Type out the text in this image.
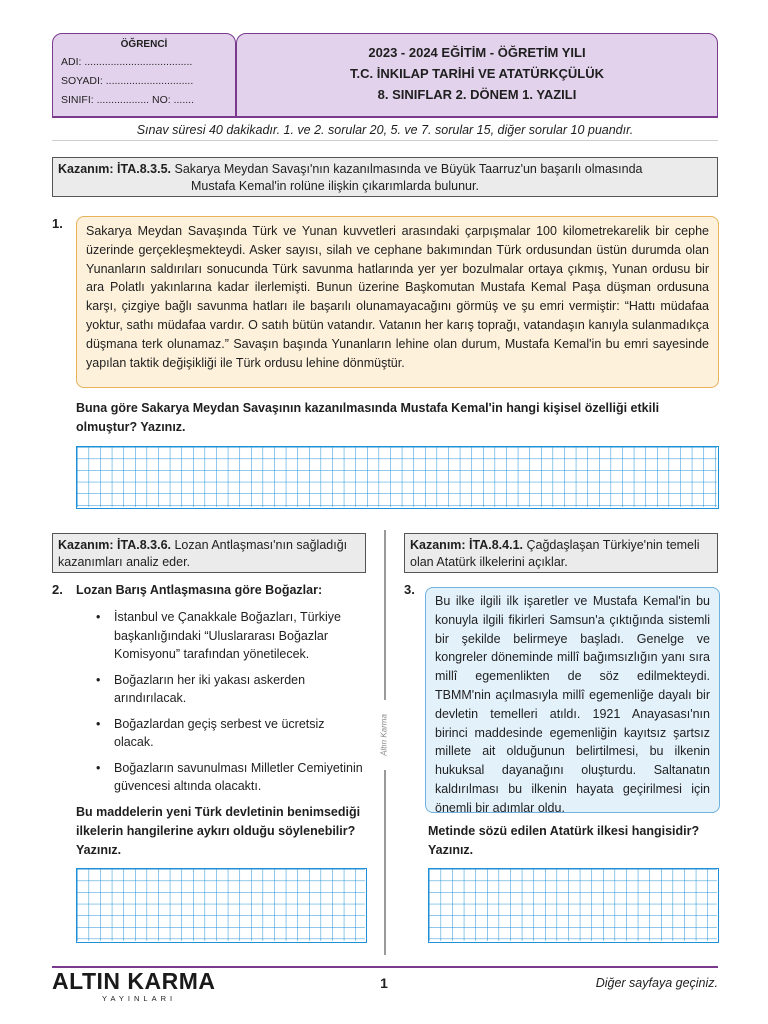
ÖĞRENCİ
ADI: .....................................
SOYADI: ..............................
SINIFI: .................. NO: .......
2023 - 2024 EĞİTİM - ÖĞRETİM YILI
T.C. İNKILAP TARİHİ VE ATATÜRKÇÜLÜK
8. SINIFLAR 2. DÖNEM 1. YAZILI
Sınav süresi 40 dakikadır. 1. ve 2. sorular 20, 5. ve 7. sorular 15, diğer sorular 10 puandır.
Kazanım: İTA.8.3.5. Sakarya Meydan Savaşı'nın kazanılmasında ve Büyük Taarruz'un başarılı olmasında
Mustafa Kemal'in rolüne ilişkin çıkarımlarda bulunur.
1.	Sakarya Meydan Savaşında Türk ve Yunan kuvvetleri arasındaki çarpışmalar 100 kilometrekarelik bir cephe üzerinde gerçekleşmekteydi. Asker sayısı, silah ve cephane bakımından Türk ordusundan üstün durumda olan Yunanların saldırıları sonucunda Türk savunma hatlarında yer yer bozulmalar ortaya çıkmış, Yunan ordusu bir ara Polatlı yakınlarına kadar ilerlemişti. Bunun üzerine Başkomutan Mustafa Kemal Paşa düşman ordusuna karşı, çizgiye bağlı savunma hatları ile başarılı olunamayacağını görmüş ve şu emri vermiştir: “Hattı müdafaa yoktur, sathı müdafaa vardır. O satıh bütün vatandır. Vatanın her karış toprağı, vatandaşın kanıyla sulanmadıkça düşmana terk olunamaz.” Savaşın başında Yunanların lehine olan durum, Mustafa Kemal'in bu emri sayesinde yapılan taktik değişikliği ile Türk ordusu lehine dönmüştür.
Buna göre Sakarya Meydan Savaşının kazanılmasında Mustafa Kemal'in hangi kişisel özelliği etkili olmuştur? Yazınız.
Altın Karma
Kazanım: İTA.8.3.6. Lozan Antlaşması'nın sağladığı kazanımları analiz eder.
2. Lozan Barış Antlaşmasına göre Boğazlar:
• İstanbul ve Çanakkale Boğazları, Türkiye başkanlığındaki “Uluslararası Boğazlar Komisyonu” tarafından yönetilecek.
• Boğazların her iki yakası askerden arındırılacak.
• Boğazlardan geçiş serbest ve ücretsiz olacak.
• Boğazların savunulması Milletler Cemiyetinin güvencesi altında olacaktı.
Bu maddelerin yeni Türk devletinin benimsediği ilkelerin hangilerine aykırı olduğu söylenebilir? Yazınız.
Kazanım: İTA.8.4.1. Çağdaşlaşan Türkiye'nin temeli olan Atatürk ilkelerini açıklar.
3.
Bu ilke ilgili ilk işaretler ve Mustafa Kemal'in bu konuyla ilgili fikirleri Samsun'a çıktığında sistemli bir şekilde belirmeye başladı. Genelge ve kongreler döneminde millî bağımsızlığın yanı sıra millî egemenlikten de söz edilmekteydi. TBMM'nin açılmasıyla millî egemenliğe dayalı bir devletin temelleri atıldı. 1921 Anayasası'nın birinci maddesinde egemenliğin kayıtsız şartsız millete ait olduğunun belirtilmesi, bu ilkenin hukuksal dayanağını oluşturdu. Saltanatın kaldırılması bu ilkenin hayata geçirilmesi için önemli bir adımlar oldu.
Metinde sözü edilen Atatürk ilkesi hangisidir? Yazınız.
ALTIN KARMA
YAYINLARI
1	Diğer sayfaya geçiniz.
